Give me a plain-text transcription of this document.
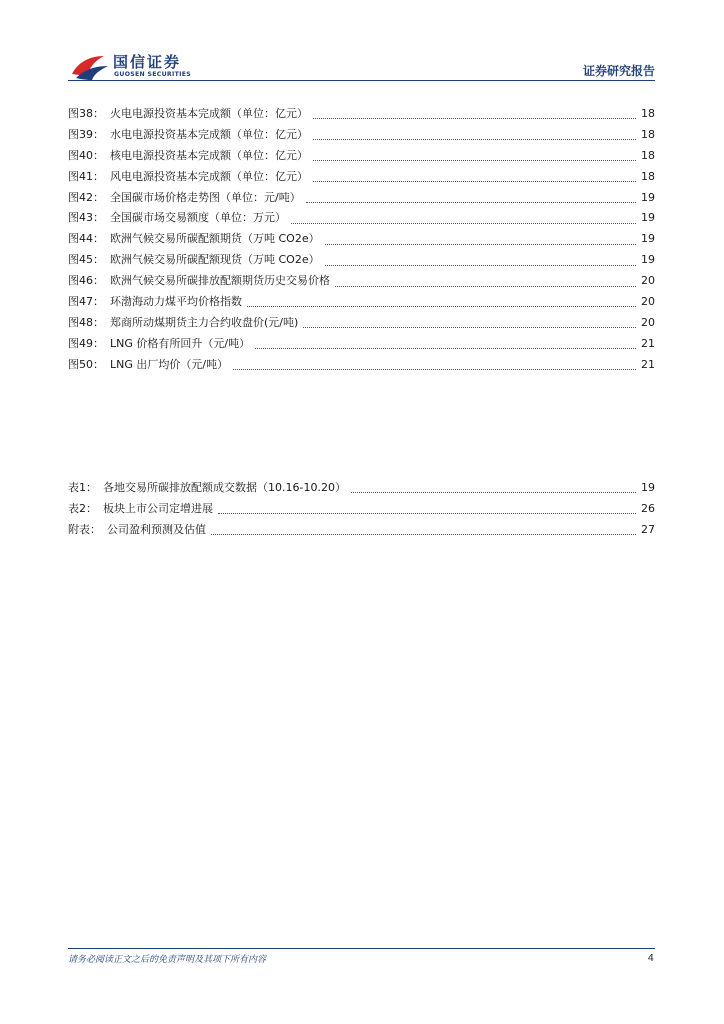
国信证券
GUOSEN SECURITIES	证券研究报告
图38： 火电电源投资基本完成额（单位：亿元）	18
图39： 水电电源投资基本完成额（单位：亿元）	18
图40： 核电电源投资基本完成额（单位：亿元）	18
图41： 风电电源投资基本完成额（单位：亿元）	18
图42： 全国碳市场价格走势图（单位：元/吨）	19
图43： 全国碳市场交易额度（单位：万元）	19
图44： 欧洲气候交易所碳配额期货（万吨 CO2e）	19
图45： 欧洲气候交易所碳配额现货（万吨 CO2e）	19
图46： 欧洲气候交易所碳排放配额期货历史交易价格	20
图47： 环渤海动力煤平均价格指数	20
图48： 郑商所动煤期货主力合约收盘价(元/吨)	20
图49： LNG 价格有所回升（元/吨）	21
图50： LNG 出厂均价（元/吨）	21
表1： 各地交易所碳排放配额成交数据（10.16-10.20）	19
表2： 板块上市公司定增进展	26
附表： 公司盈利预测及估值	27
请务必阅读正文之后的免责声明及其项下所有内容	4
